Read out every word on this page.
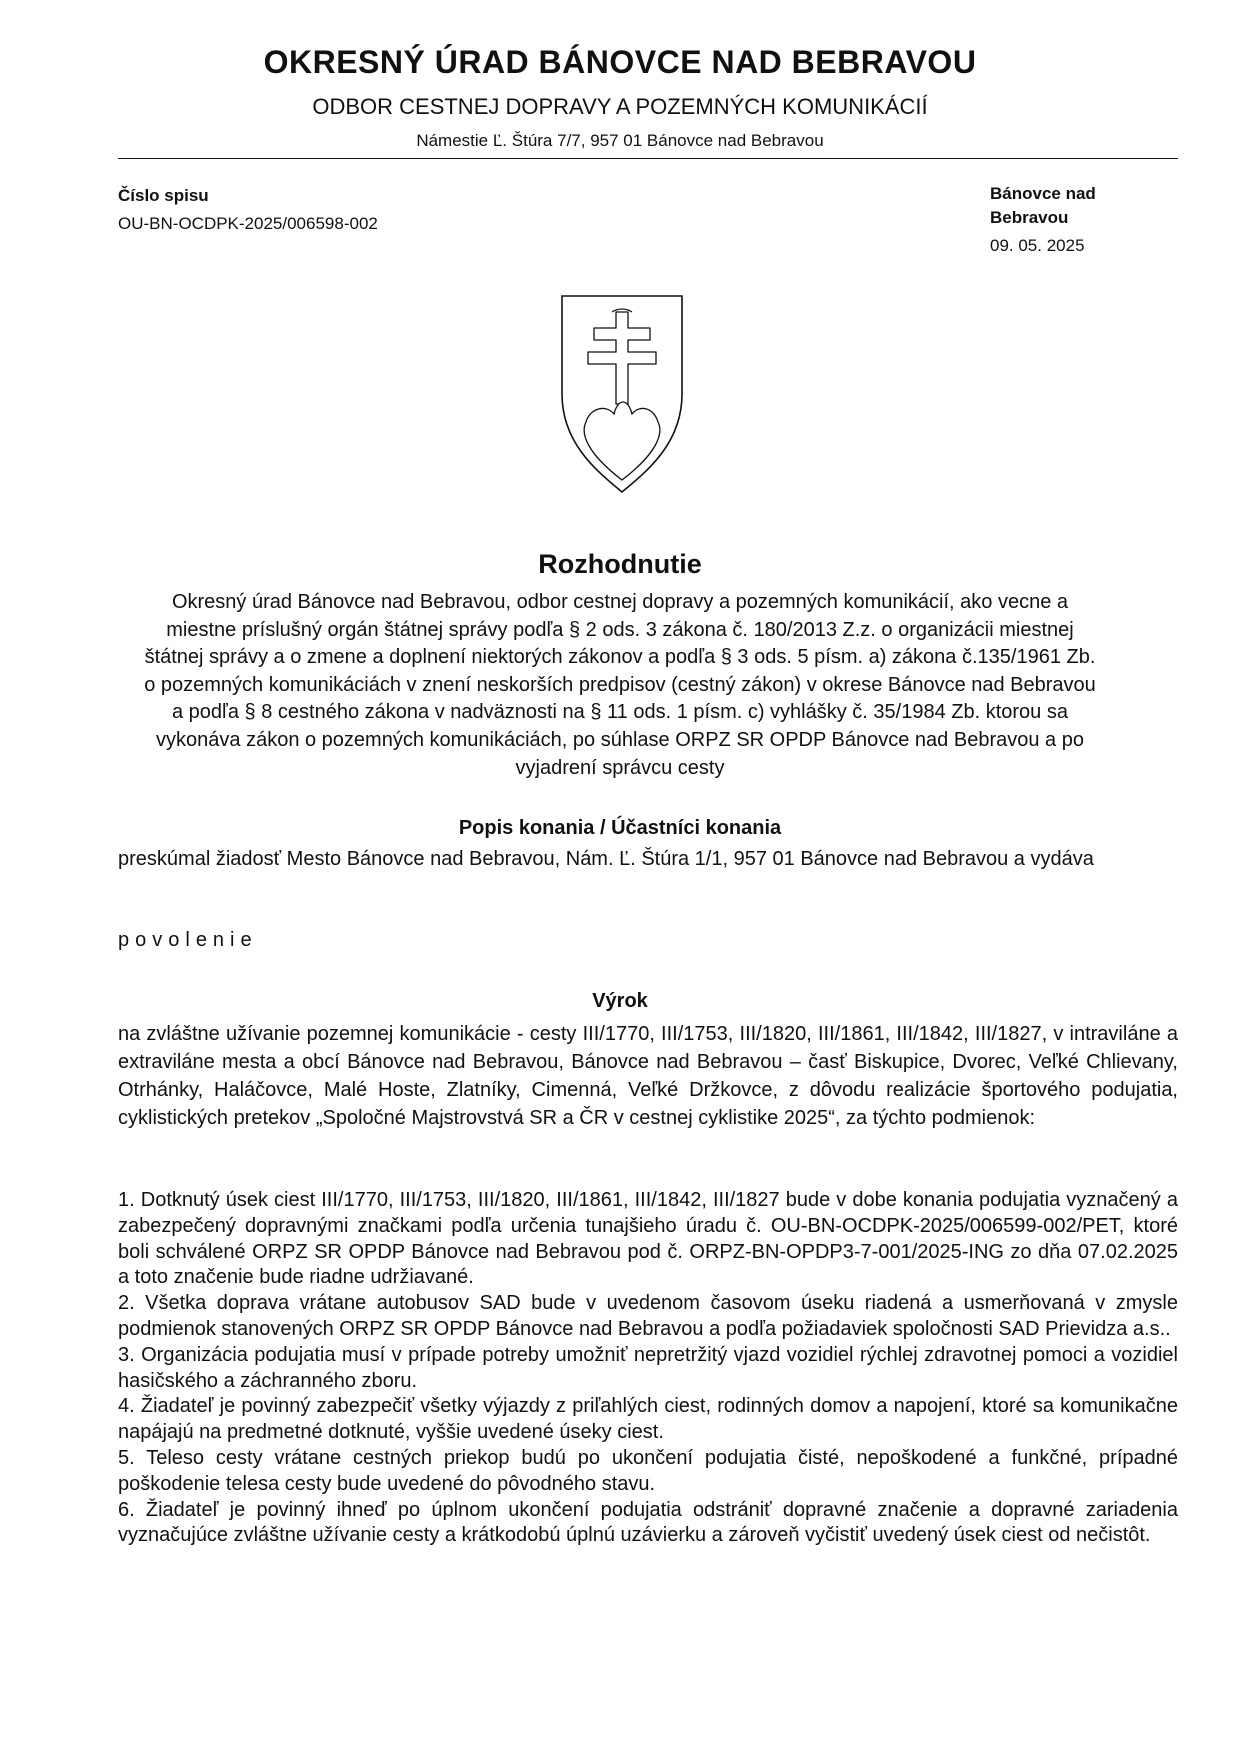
OKRESNÝ ÚRAD BÁNOVCE NAD BEBRAVOU
ODBOR CESTNEJ DOPRAVY A POZEMNÝCH KOMUNIKÁCIÍ
Námestie Ľ. Štúra 7/7, 957 01 Bánovce nad Bebravou
Číslo spisu
OU-BN-OCDPK-2025/006598-002
Bánovce nad Bebravou
09. 05. 2025
Rozhodnutie
Okresný úrad Bánovce nad Bebravou, odbor cestnej dopravy a pozemných komunikácií, ako vecne a miestne príslušný orgán štátnej správy podľa § 2 ods. 3 zákona č. 180/2013 Z.z. o organizácii miestnej štátnej správy a o zmene a doplnení niektorých zákonov a podľa § 3 ods. 5 písm. a) zákona č.135/1961 Zb. o pozemných komunikáciách v znení neskorších predpisov (cestný zákon) v okrese Bánovce nad Bebravou a podľa § 8 cestného zákona v nadväznosti na § 11 ods. 1 písm. c) vyhlášky č. 35/1984 Zb. ktorou sa vykonáva zákon o pozemných komunikáciách, po súhlase ORPZ SR OPDP Bánovce nad Bebravou a po vyjadrení správcu cesty
Popis konania / Účastníci konania
preskúmal žiadosť Mesto Bánovce nad Bebravou, Nám. Ľ. Štúra 1/1, 957 01 Bánovce nad Bebravou a vydáva
povolenie
Výrok
na zvláštne užívanie pozemnej komunikácie - cesty III/1770, III/1753, III/1820, III/1861, III/1842, III/1827, v intraviláne a extraviláne mesta a obcí Bánovce nad Bebravou, Bánovce nad Bebravou – časť Biskupice, Dvorec, Veľké Chlievany, Otrhánky, Haláčovce, Malé Hoste, Zlatníky, Cimenná, Veľké Držkovce, z dôvodu realizácie športového podujatia, cyklistických pretekov „Spoločné Majstrovstvá SR a ČR v cestnej cyklistike 2025“, za týchto podmienok:

1. Dotknutý úsek ciest III/1770, III/1753, III/1820, III/1861, III/1842, III/1827 bude v dobe konania podujatia vyznačený a zabezpečený dopravnými značkami podľa určenia tunajšieho úradu č. OU-BN-OCDPK-2025/006599-002/PET, ktoré boli schválené ORPZ SR OPDP Bánovce nad Bebravou pod č. ORPZ-BN-OPDP3-7-001/2025-ING zo dňa 07.02.2025 a toto značenie bude riadne udržiavané.

2. Všetka doprava vrátane autobusov SAD bude v uvedenom časovom úseku riadená a usmerňovaná v zmysle podmienok stanovených ORPZ SR OPDP Bánovce nad Bebravou a podľa požiadaviek spoločnosti SAD Prievidza a.s..

3. Organizácia podujatia musí v prípade potreby umožniť nepretržitý vjazd vozidiel rýchlej zdravotnej pomoci a vozidiel hasičského a záchranného zboru.

4. Žiadateľ je povinný zabezpečiť všetky výjazdy z priľahlých ciest, rodinných domov a napojení, ktoré sa komunikačne napájajú na predmetné dotknuté, vyššie uvedené úseky ciest.

5. Teleso cesty vrátane cestných priekop budú po ukončení podujatia čisté, nepoškodené a funkčné, prípadné poškodenie telesa cesty bude uvedené do pôvodného stavu.

6. Žiadateľ je povinný ihneď po úplnom ukončení podujatia odstrániť dopravné značenie a dopravné zariadenia vyznačujúce zvláštne užívanie cesty a krátkodobú úplnú uzávierku a zároveň vyčistiť uvedený úsek ciest od nečistôt.
